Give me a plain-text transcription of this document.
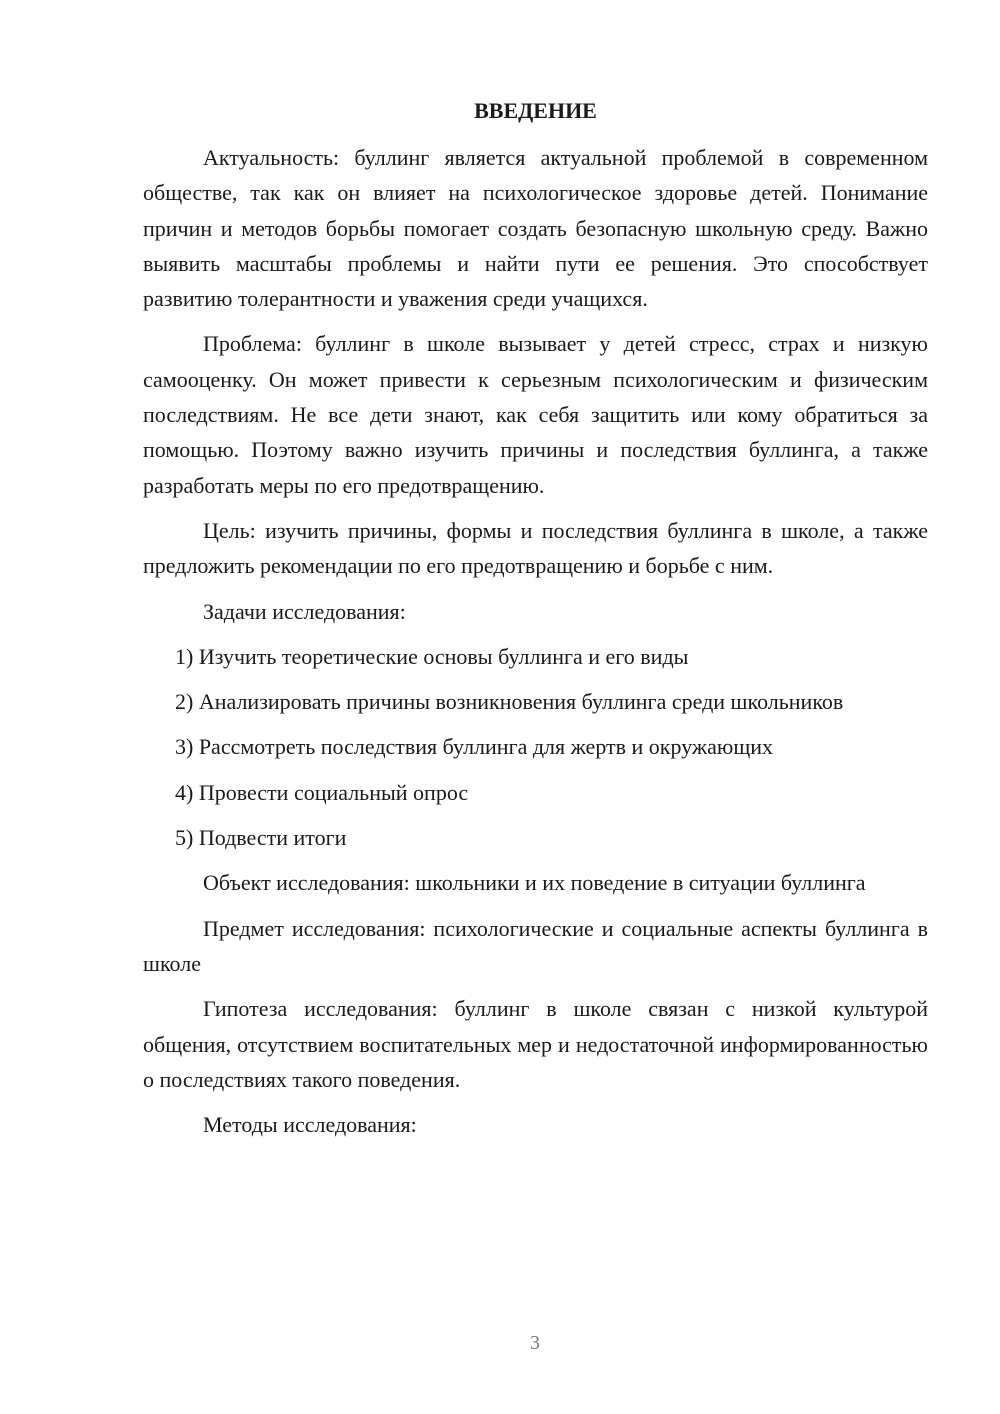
ВВЕДЕНИЕ

Актуальность: буллинг является актуальной проблемой в современном обществе, так как он влияет на психологическое здоровье детей. Понимание причин и методов борьбы помогает создать безопасную школьную среду. Важно выявить масштабы проблемы и найти пути ее решения. Это способствует развитию толерантности и уважения среди учащихся.

Проблема: буллинг в школе вызывает у детей стресс, страх и низкую самооценку. Он может привести к серьезным психологическим и физическим последствиям. Не все дети знают, как себя защитить или кому обратиться за помощью. Поэтому важно изучить причины и последствия буллинга, а также разработать меры по его предотвращению.

Цель: изучить причины, формы и последствия буллинга в школе, а также предложить рекомендации по его предотвращению и борьбе с ним.

Задачи исследования:

1) Изучить теоретические основы буллинга и его виды

2) Анализировать причины возникновения буллинга среди школьников

3) Рассмотреть последствия буллинга для жертв и окружающих

4) Провести социальный опрос

5) Подвести итоги

Объект исследования: школьники и их поведение в ситуации буллинга

Предмет исследования: психологические и социальные аспекты буллинга в школе

Гипотеза исследования: буллинг в школе связан с низкой культурой общения, отсутствием воспитательных мер и недостаточной информированностью о последствиях такого поведения.

Методы исследования:

3
